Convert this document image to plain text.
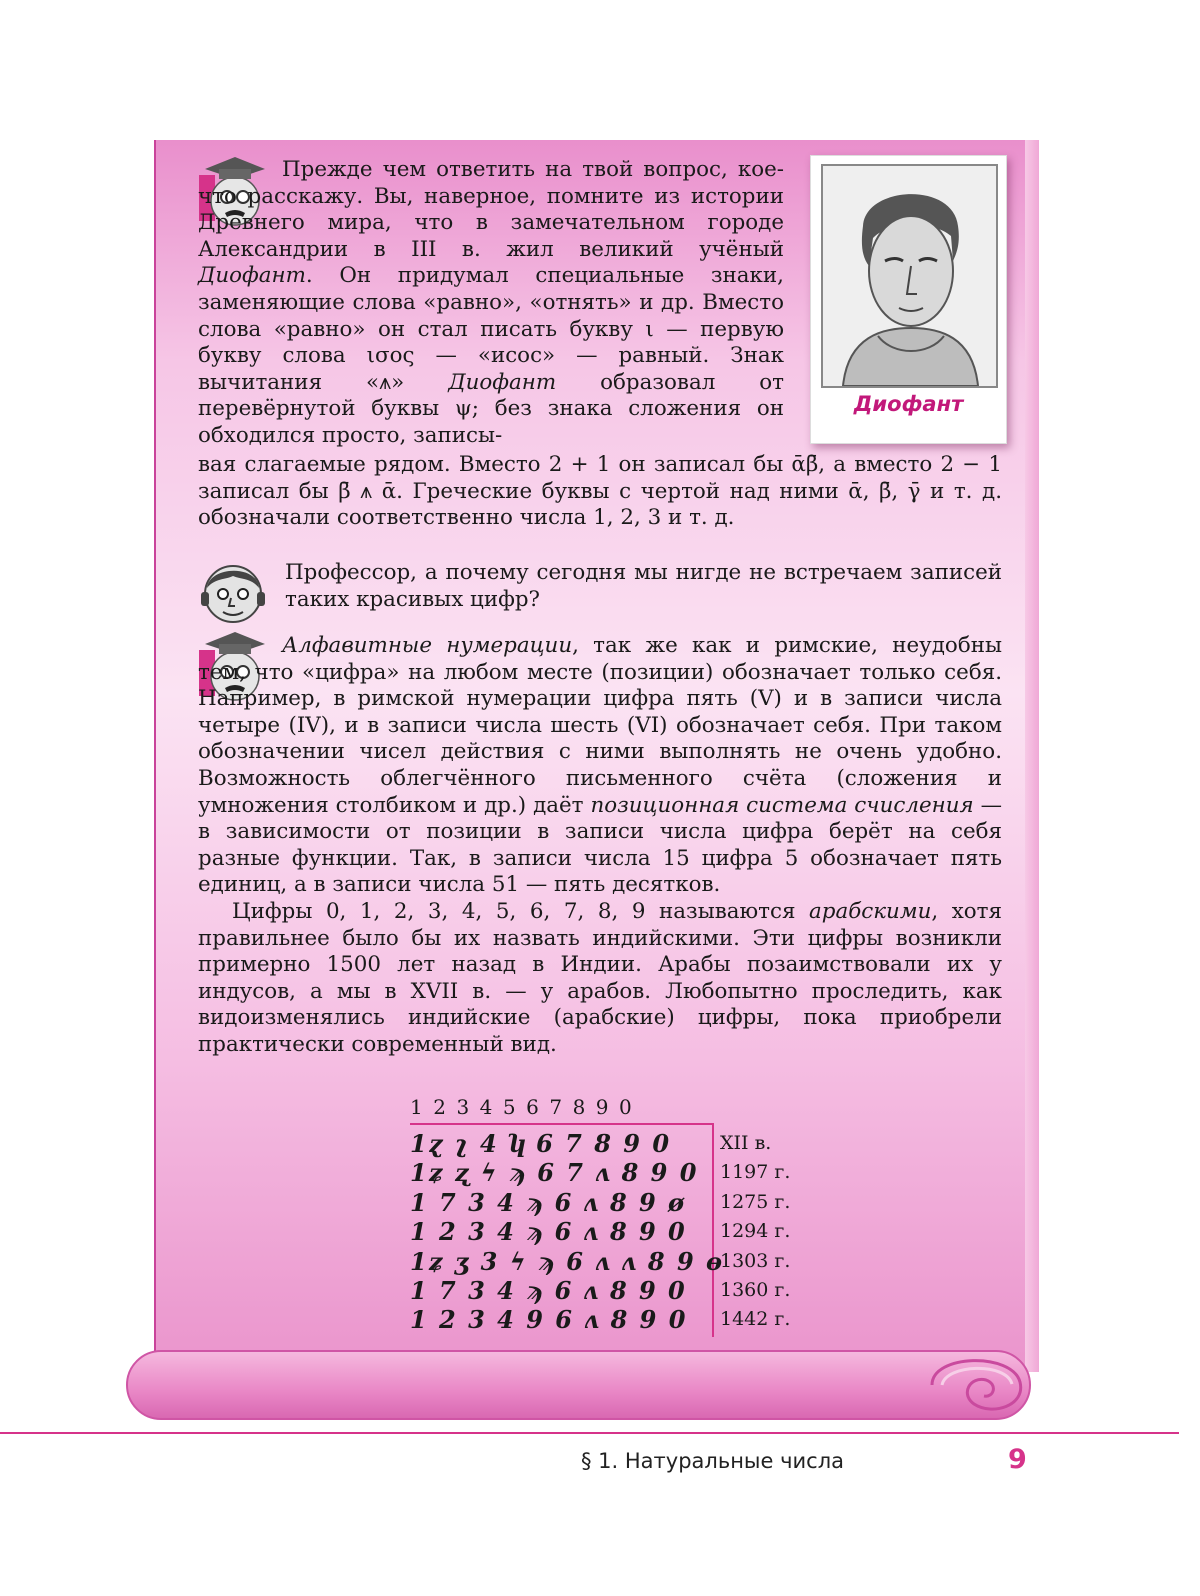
Диофант

Прежде чем ответить на твой вопрос, кое-что расскажу. Вы, наверное, помните из истории Древнего мира, что в замечательном городе Александрии в III в. жил великий учёный Диофант. Он придумал специальные знаки, заменяющие слова «равно», «отнять» и др. Вместо слова «равно» он стал писать букву ι — первую букву слова ισος — «исос» — равный. Знак вычитания «⩚» Диофант образовал от перевёрнутой буквы ψ; без знака сложения он обходился просто, записы-

вая слагаемые рядом. Вместо 2 + 1 он записал бы ᾱβ̄, а вместо 2 − 1 записал бы β̄ ⩚ ᾱ. Греческие буквы с чертой над ними ᾱ, β̄, γ̄ и т. д. обозначали соответственно числа 1, 2, 3 и т. д.

Профессор, а почему сегодня мы нигде не встречаем записей таких красивых цифр?

Алфавитные нумерации, так же как и римские, неудобны тем, что «цифра» на любом месте (позиции) обозначает только себя. Например, в римской нумерации цифра пять (V) и в записи числа четыре (IV), и в записи числа шесть (VI) обозначает себя. При таком обозначении чисел действия с ними выполнять не очень удобно. Возможность облегчённого письменного счёта (сложения и умножения столбиком и др.) даёт позиционная система счисления — в зависимости от позиции в записи числа цифра берёт на себя разные функции. Так, в записи числа 15 цифра 5 обозначает пять единиц, а в записи числа 51 — пять десятков.

Цифры 0, 1, 2, 3, 4, 5, 6, 7, 8, 9 называются арабскими, хотя правильнее было бы их назвать индийскими. Эти цифры возникли примерно 1500 лет назад в Индии. Арабы позаимствовали их у индусов, а мы в XVII в. — у арабов. Любопытно проследить, как видоизменялись индийские (арабские) цифры, пока приобрели практически современный вид.

1234567890
1ɀ ʅ 4 ʮ 6 7 8 9 0	XII в.
1ʑ ʐ ϟ ϡ 6 7 ʌ 8 9 0 1197 г.
1 7 3 4 ϡ 6 ʌ 8 9 ø 1275 г.
1 2 3 4 ϡ 6 ʌ 8 9 0 1294 г.
1ʑ ʒ 3 ϟ ϡ 6 ʌ ʌ 8 9 ɵ
1303 г.
1 7 3 4 ϡ 6 ʌ 8 9 0 1360 г.
1 2 3 4 9 6 ʌ 8 9 0 1442 г.
§ 1. Натуральные числа	9
